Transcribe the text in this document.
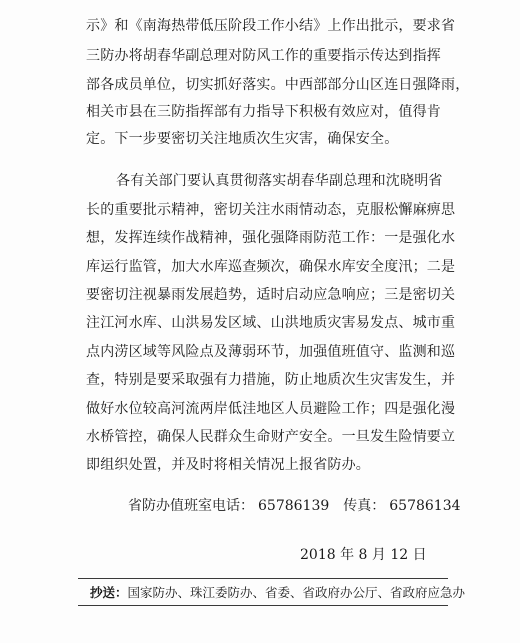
示》和《南海热带低压阶段工作小结》上作出批示，要求省
三防办将胡春华副总理对防风工作的重要指示传达到指挥
部各成员单位，切实抓好落实。中西部部分山区连日强降雨，
相关市县在三防指挥部有力指导下积极有效应对，值得肯
定。下一步要密切关注地质次生灾害，确保安全。
各有关部门要认真贯彻落实胡春华副总理和沈晓明省
长的重要批示精神，密切关注水雨情动态，克服松懈麻痹思
想，发挥连续作战精神，强化强降雨防范工作：一是强化水
库运行监管，加大水库巡查频次，确保水库安全度汛；二是
要密切注视暴雨发展趋势，适时启动应急响应；三是密切关
注江河水库、山洪易发区域、山洪地质灾害易发点、城市重
点内涝区域等风险点及薄弱环节，加强值班值守、监测和巡
查，特别是要采取强有力措施，防止地质次生灾害发生，并
做好水位较高河流两岸低洼地区人员避险工作；四是强化漫
水桥管控，确保人民群众生命财产安全。一旦发生险情要立
即组织处置，并及时将相关情况上报省防办。
省防办值班室电话： 65786139 传真： 65786134
2018 年 8 月 12 日
抄送：国家防办、珠江委防办、省委、省政府办公厅、省政府应急办
